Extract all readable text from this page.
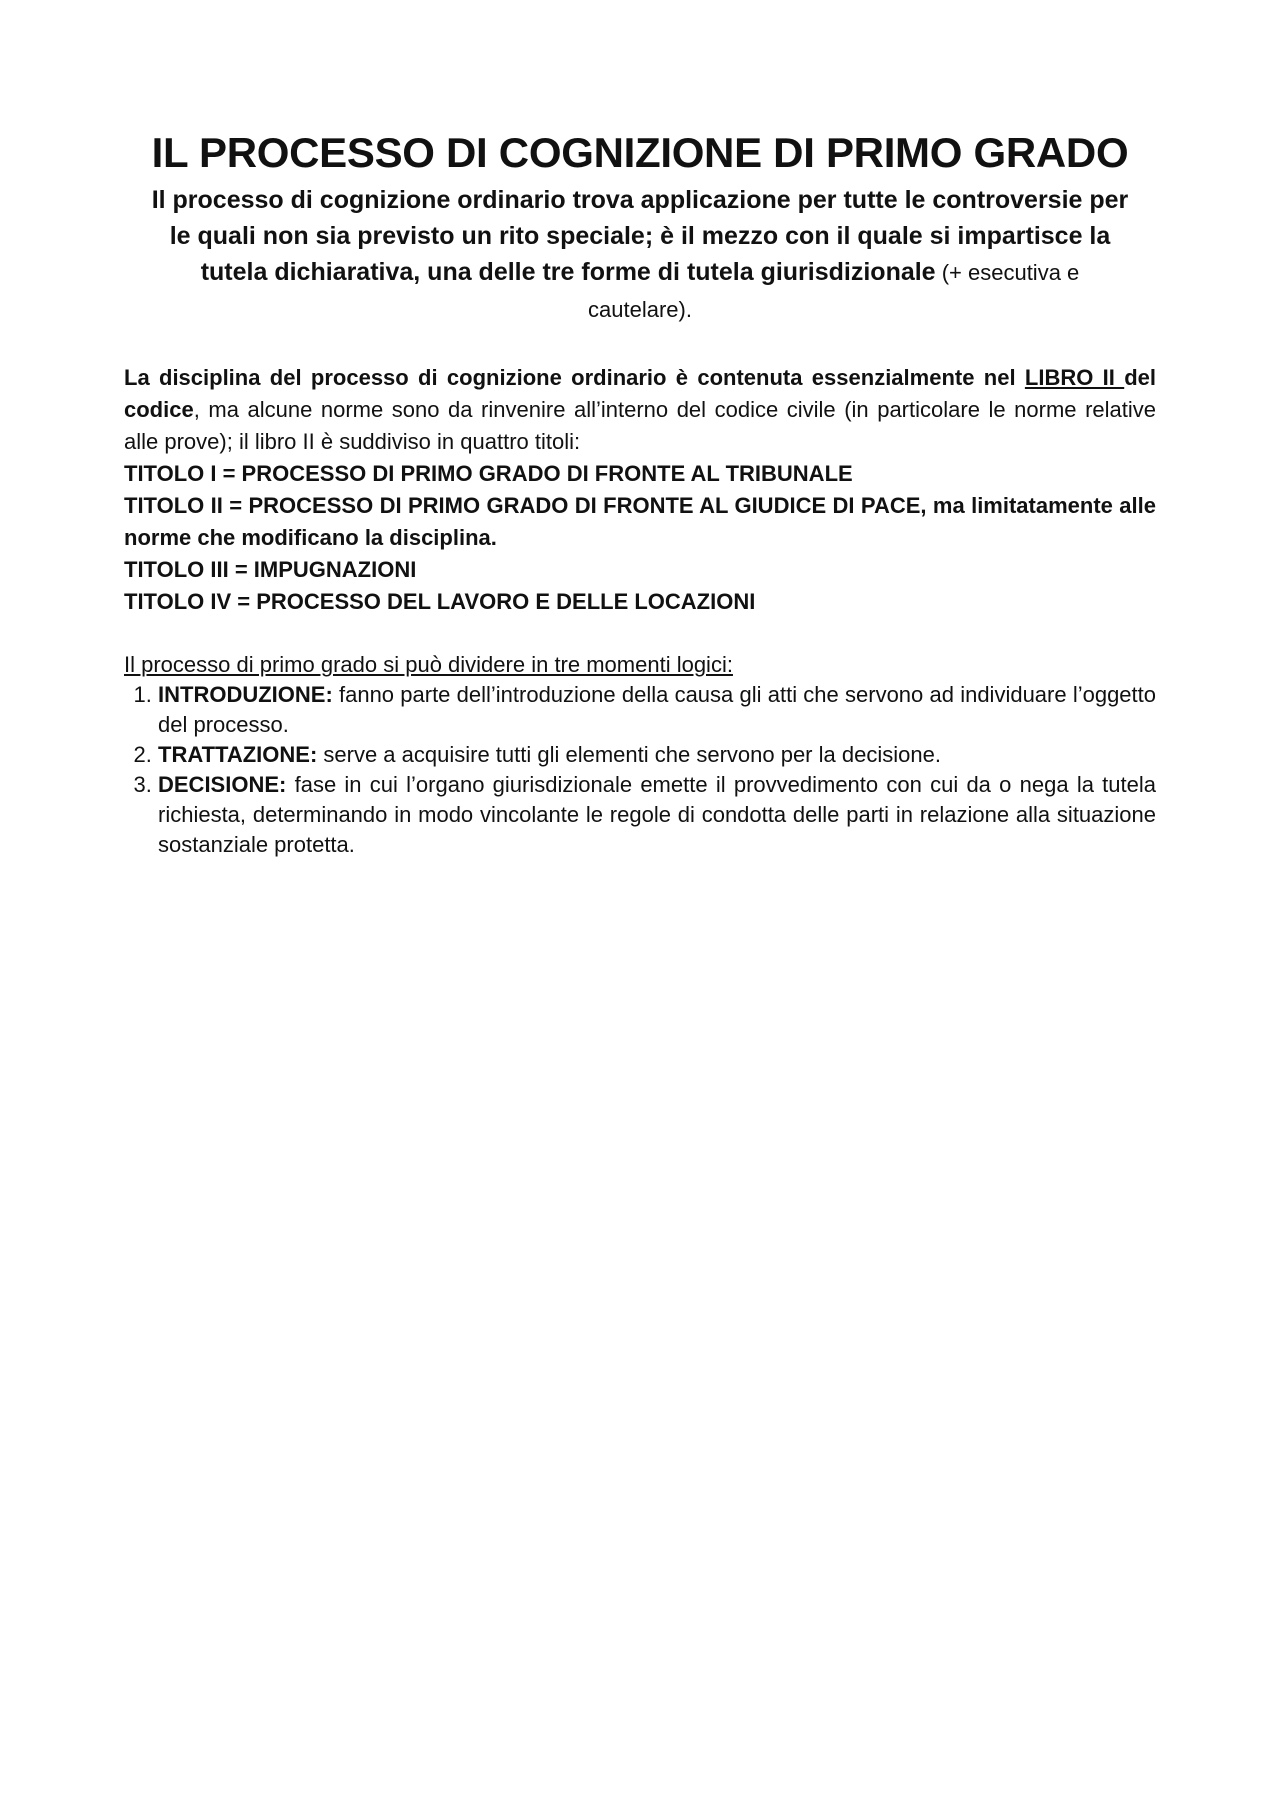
IL PROCESSO DI COGNIZIONE DI PRIMO GRADO

Il processo di cognizione ordinario trova applicazione per tutte le controversie per le quali non sia previsto un rito speciale; è il mezzo con il quale si impartisce la tutela dichiarativa, una delle tre forme di tutela giurisdizionale (+ esecutiva e cautelare).

La disciplina del processo di cognizione ordinario è contenuta essenzialmente nel LIBRO II del codice, ma alcune norme sono da rinvenire all’interno del codice civile (in particolare le norme relative alle prove); il libro II è suddiviso in quattro titoli:

TITOLO I = PROCESSO DI PRIMO GRADO DI FRONTE AL TRIBUNALE
TITOLO II = PROCESSO DI PRIMO GRADO DI FRONTE AL GIUDICE DI PACE, ma limitatamente alle norme che modificano la disciplina.
TITOLO III = IMPUGNAZIONI
TITOLO IV = PROCESSO DEL LAVORO E DELLE LOCAZIONI

Il processo di primo grado si può dividere in tre momenti logici:

1. INTRODUZIONE: fanno parte dell’introduzione della causa gli atti che servono ad individuare l’oggetto del processo.
2. TRATTAZIONE: serve a acquisire tutti gli elementi che servono per la decisione.
3. DECISIONE: fase in cui l’organo giurisdizionale emette il provvedimento con cui da o nega la tutela richiesta, determinando in modo vincolante le regole di condotta delle parti in relazione alla situazione sostanziale protetta.
